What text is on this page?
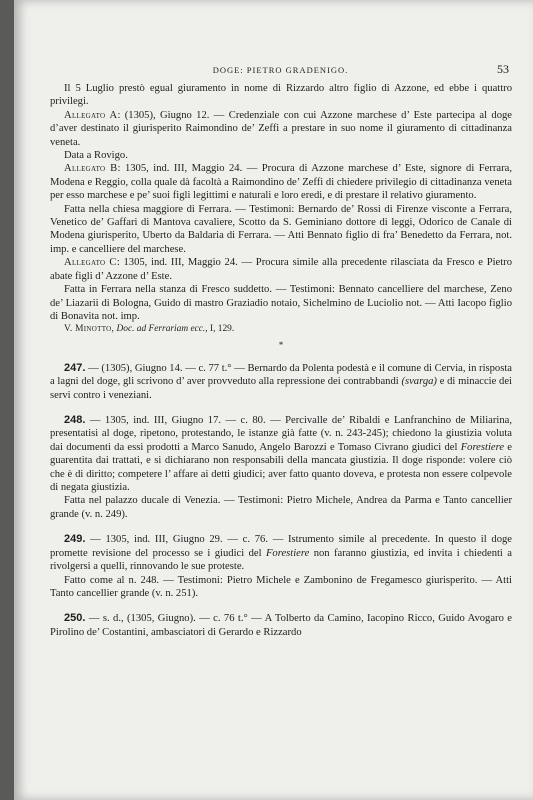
DOGE: PIETRO GRADENIGO.	53

Il 5 Luglio prestò egual giuramento in nome di Rizzardo altro figlio di Azzone, ed ebbe i quattro privilegi.

Allegato A: (1305), Giugno 12. — Credenziale con cui Azzone marchese d’ Este partecipa al doge d’aver destinato il giurisperito Raimondino de’ Zeffi a prestare in suo nome il giuramento di cittadinanza veneta.

Data a Rovigo.

Allegato B: 1305, ind. III, Maggio 24. — Procura di Azzone marchese d’ Este, signore di Ferrara, Modena e Reggio, colla quale dà facoltà a Raimondino de’ Zeffi di chiedere privilegio di cittadinanza veneta per esso marchese e pe’ suoi figli legittimi e naturali e loro eredi, e di prestare il relativo giuramento.

Fatta nella chiesa maggiore di Ferrara. — Testimoni: Bernardo de’ Rossi di Firenze visconte a Ferrara, Venetico de’ Gaffari di Mantova cavaliere, Scotto da S. Geminiano dottore di leggi, Odorico de Canale di Modena giurisperito, Uberto da Baldaria di Ferrara. — Atti Bennato figlio di fra’ Benedetto da Ferrara, not. imp. e cancelliere del marchese.

Allegato C: 1305, ind. III, Maggio 24. — Procura simile alla precedente rilasciata da Fresco e Pietro abate figli d’ Azzone d’ Este.

Fatta in Ferrara nella stanza di Fresco suddetto. — Testimoni: Bennato cancelliere del marchese, Zeno de’ Liazarii di Bologna, Guido di mastro Graziadio notaio, Sichelmino de Luciolio not. — Atti Iacopo figlio di Bonavita not. imp.

V. Minotto, Doc. ad Ferrariam ecc., I, 129.

*

247. — (1305), Giugno 14. — c. 77 t.° — Bernardo da Polenta podestà e il comune di Cervia, in risposta a lagni del doge, gli scrivono d’ aver provveduto alla repressione dei contrabbandi (svarga) e di minaccie dei servi contro i veneziani.

248. — 1305, ind. III, Giugno 17. — c. 80. — Percivalle de’ Ribaldi e Lanfranchino de Miliarina, presentatisi al doge, ripetono, protestando, le istanze già fatte (v. n. 243-245); chiedono la giustizia voluta dai documenti da essi prodotti a Marco Sanudo, Angelo Barozzi e Tomaso Civrano giudici del Forestiere e guarentita dai trattati, e si dichiarano non responsabili della mancata giustizia. Il doge risponde: volere ciò che è di diritto; competere l’ affare ai detti giudici; aver fatto quanto doveva, e protesta non essere colpevole di negata giustizia.

Fatta nel palazzo ducale di Venezia. — Testimoni: Pietro Michele, Andrea da Parma e Tanto cancellier grande (v. n. 249).

249. — 1305, ind. III, Giugno 29. — c. 76. — Istrumento simile al precedente. In questo il doge promette revisione del processo se i giudici del Forestiere non faranno giustizia, ed invita i chiedenti a rivolgersi a quelli, rinnovando le sue proteste.

Fatto come al n. 248. — Testimoni: Pietro Michele e Zambonino de Fregamesco giurisperito. — Atti Tanto cancellier grande (v. n. 251).

250. — s. d., (1305, Giugno). — c. 76 t.° — A Tolberto da Camino, Iacopino Ricco, Guido Avogaro e Pirolino de’ Costantini, ambasciatori di Gerardo e Rizzardo
